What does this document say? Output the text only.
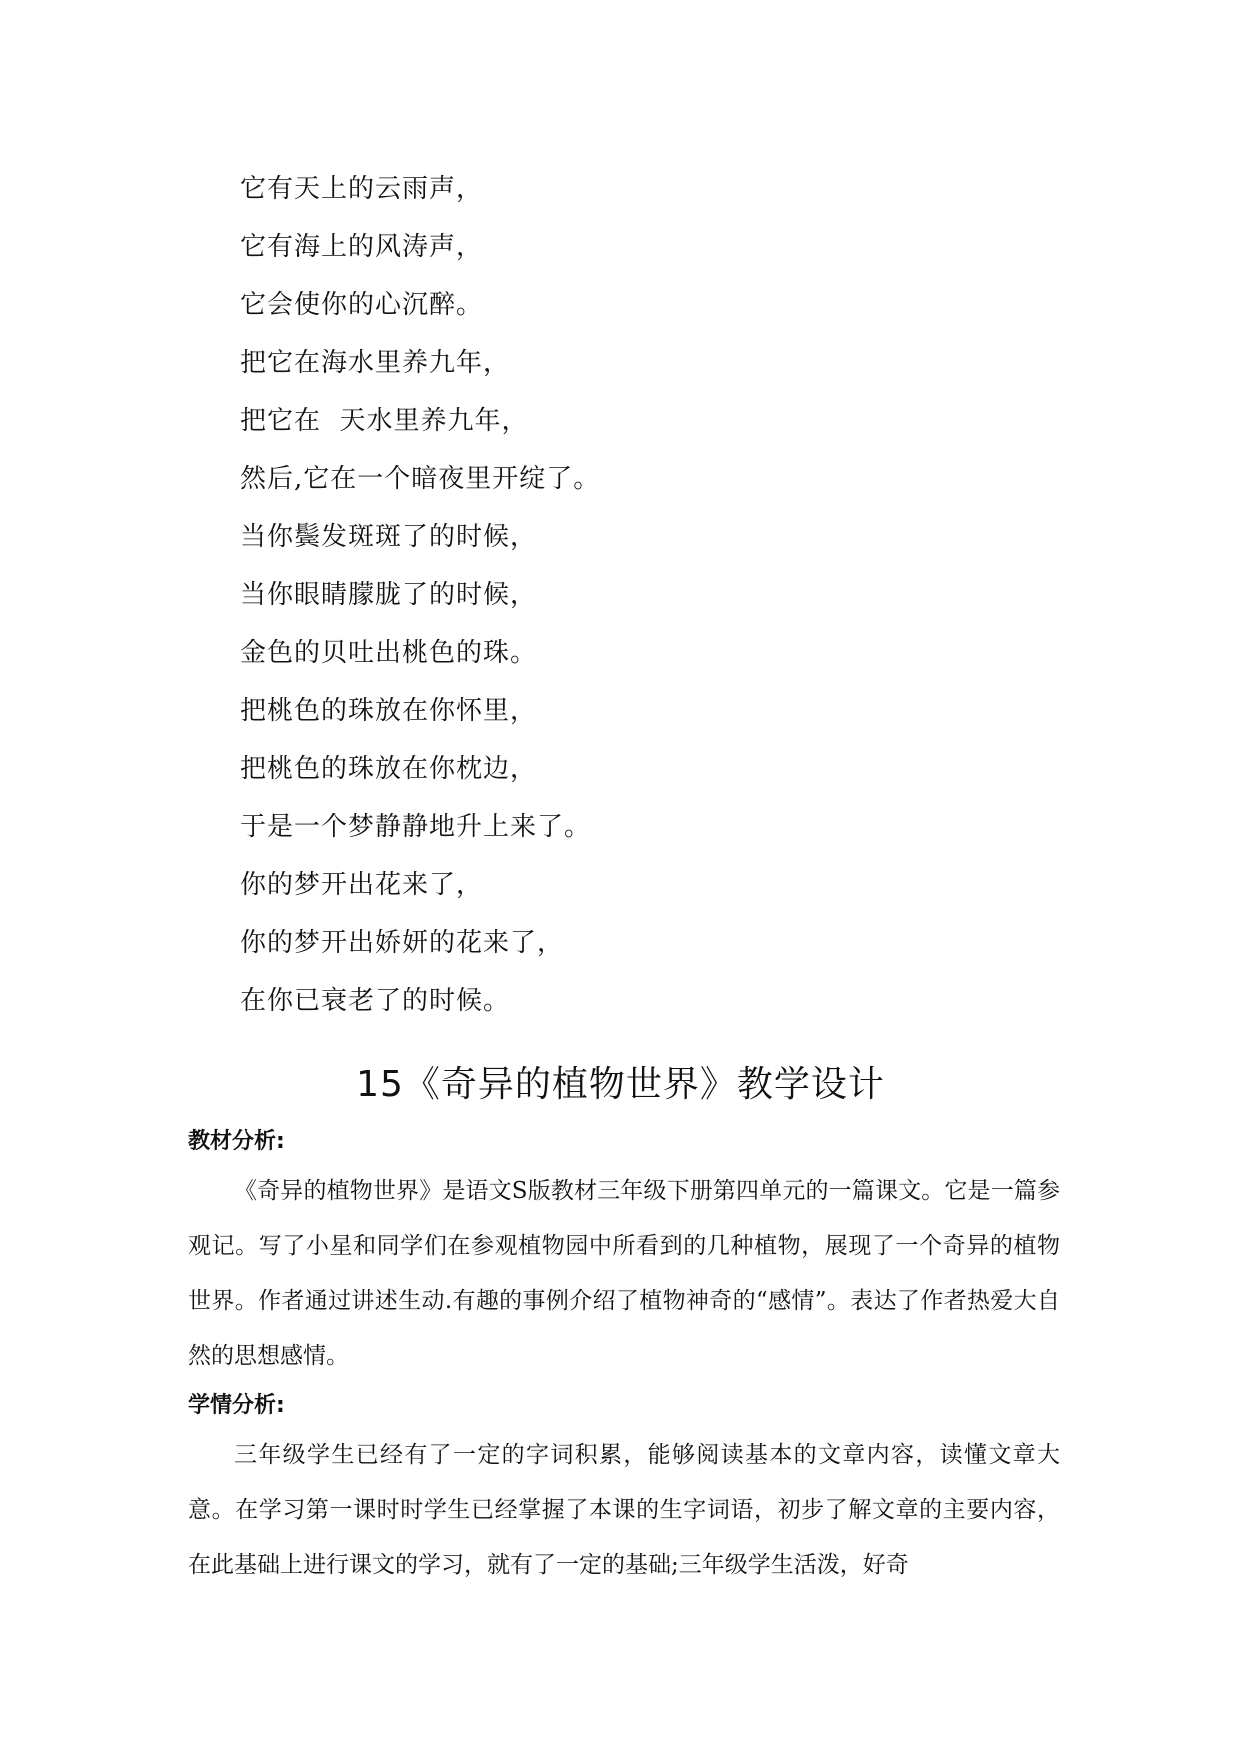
它有天上的云雨声，
它有海上的风涛声，
它会使你的心沉醉。
把它在海水里养九年，
把它在  天水里养九年，
然后,它在一个暗夜里开绽了。
当你鬓发斑斑了的时候，
当你眼睛朦胧了的时候，
金色的贝吐出桃色的珠。
把桃色的珠放在你怀里，
把桃色的珠放在你枕边，
于是一个梦静静地升上来了。
你的梦开出花来了，
你的梦开出娇妍的花来了，
在你已衰老了的时候。
15《奇异的植物世界》教学设计
教材分析:

《奇异的植物世界》是语文S版教材三年级下册第四单元的一篇课文。它是一篇参观记。写了小星和同学们在参观植物园中所看到的几种植物，展现了一个奇异的植物世界。作者通过讲述生动.有趣的事例介绍了植物神奇的“感情”。表达了作者热爱大自然的思想感情。

学情分析:

三年级学生已经有了一定的字词积累，能够阅读基本的文章内容，读懂文章大意。在学习第一课时时学生已经掌握了本课的生字词语，初步了解文章的主要内容，在此基础上进行课文的学习，就有了一定的基础;三年级学生活泼，好奇
